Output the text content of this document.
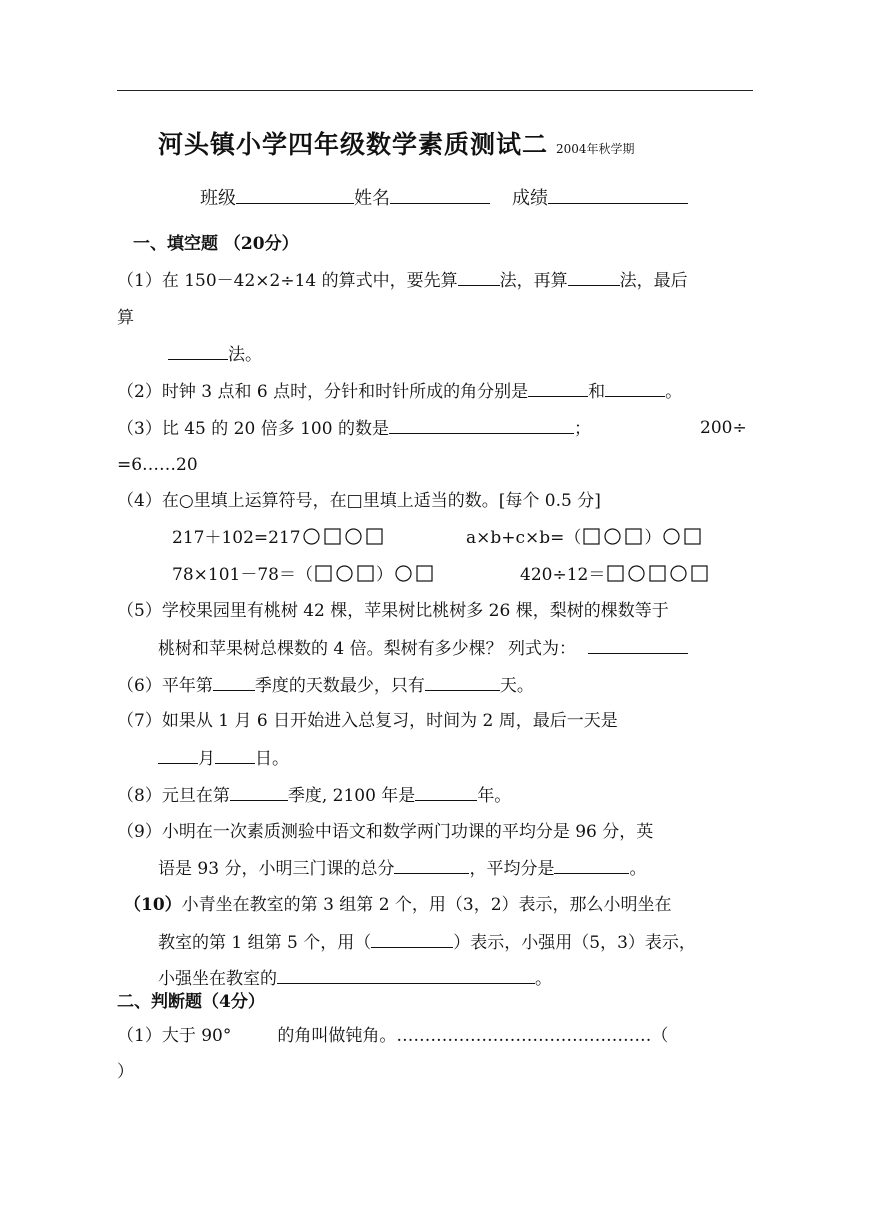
河头镇小学四年级数学素质测试二 2004年秋学期
班级	姓名	成绩
一、填空题 （20分）
（1）在 150－42×2÷14 的算式中，要先算 法，再算	法，最后
算
法。
（2）时钟 3 点和 6 点时，分针和时针所成的角分别是	和	。
（3）比 45 的 20 倍多 100 的数是	；	200÷
=6……20
（4）在○里填上运算符号，在□里填上适当的数。[每个 0.5 分]
217＋102=217	a×b+c×b=（	）
78×101－78＝（	）	420÷12＝
（5）学校果园里有桃树 42 棵，苹果树比桃树多 26 棵，梨树的棵数等于
桃树和苹果树总棵数的 4 倍。梨树有多少棵？ 列式为：
（6）平年第 季度的天数最少，只有	天。
（7）如果从 1 月 6 日开始进入总复习，时间为 2 周，最后一天是
月 日。
（8）元旦在第	季度, 2100 年是	年。
（9）小明在一次素质测验中语文和数学两门功课的平均分是 96 分，英
语是 93 分，小明三门课的总分	，平均分是	。
（10）小青坐在教室的第 3 组第 2 个，用（3，2）表示，那么小明坐在
教室的第 1 组第 5 个，用（	）表示，小强用（5，3）表示，
小强坐在教室的	。
二、判断题（4分）
（1）大于 90°	的角叫做钝角。………………………………………（
）
